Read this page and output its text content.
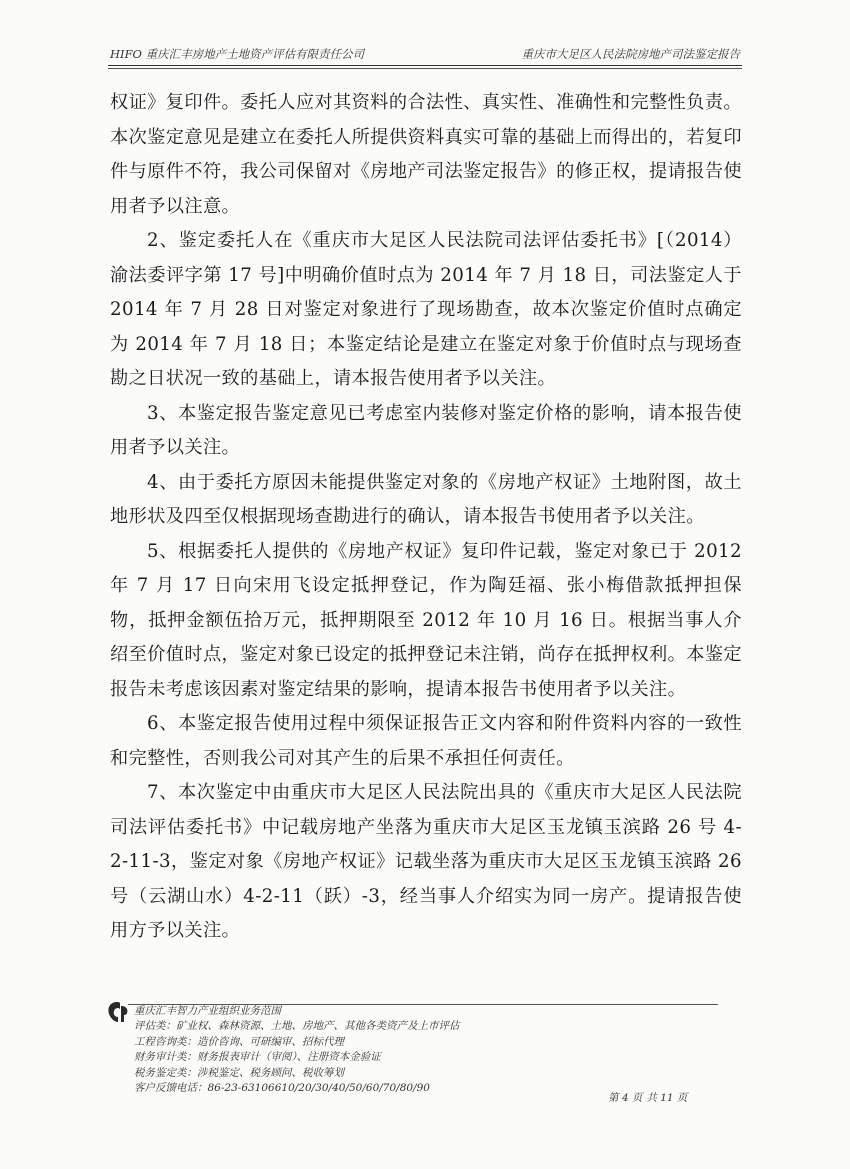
HIFO 重庆汇丰房地产土地资产评估有限责任公司	重庆市大足区人民法院房地产司法鉴定报告

权证》复印件。委托人应对其资料的合法性、真实性、准确性和完整性负责。本次鉴定意见是建立在委托人所提供资料真实可靠的基础上而得出的，若复印件与原件不符，我公司保留对《房地产司法鉴定报告》的修正权，提请报告使用者予以注意。

2、鉴定委托人在《重庆市大足区人民法院司法评估委托书》[（2014）渝法委评字第 17 号]中明确价值时点为 2014 年 7 月 18 日，司法鉴定人于 2014 年 7 月 28 日对鉴定对象进行了现场勘查，故本次鉴定价值时点确定为 2014 年 7 月 18 日；本鉴定结论是建立在鉴定对象于价值时点与现场查勘之日状况一致的基础上，请本报告使用者予以关注。

3、本鉴定报告鉴定意见已考虑室内装修对鉴定价格的影响，请本报告使用者予以关注。

4、由于委托方原因未能提供鉴定对象的《房地产权证》土地附图，故土地形状及四至仅根据现场查勘进行的确认，请本报告书使用者予以关注。

5、根据委托人提供的《房地产权证》复印件记载，鉴定对象已于 2012 年 7 月 17 日向宋用飞设定抵押登记，作为陶廷福、张小梅借款抵押担保物，抵押金额伍拾万元，抵押期限至 2012 年 10 月 16 日。根据当事人介绍至价值时点，鉴定对象已设定的抵押登记未注销，尚存在抵押权利。本鉴定报告未考虑该因素对鉴定结果的影响，提请本报告书使用者予以关注。

6、本鉴定报告使用过程中须保证报告正文内容和附件资料内容的一致性和完整性，否则我公司对其产生的后果不承担任何责任。

7、本次鉴定中由重庆市大足区人民法院出具的《重庆市大足区人民法院司法评估委托书》中记载房地产坐落为重庆市大足区玉龙镇玉滨路 26 号 4-2-11-3，鉴定对象《房地产权证》记载坐落为重庆市大足区玉龙镇玉滨路 26 号（云湖山水）4-2-11（跃）-3，经当事人介绍实为同一房产。提请报告使用方予以关注。

重庆汇丰智力产业组织业务范围
评估类：矿业权、森林资源、土地、房地产、其他各类资产及上市评估
工程咨询类：造价咨询、可研编审、招标代理
财务审计类：财务报表审计（审阅）、注册资本金验证
税务鉴定类：涉税鉴定、税务顾问、税收筹划
客户反馈电话：86-23-63106610/20/30/40/50/60/70/80/90
第 4 页 共 11 页
